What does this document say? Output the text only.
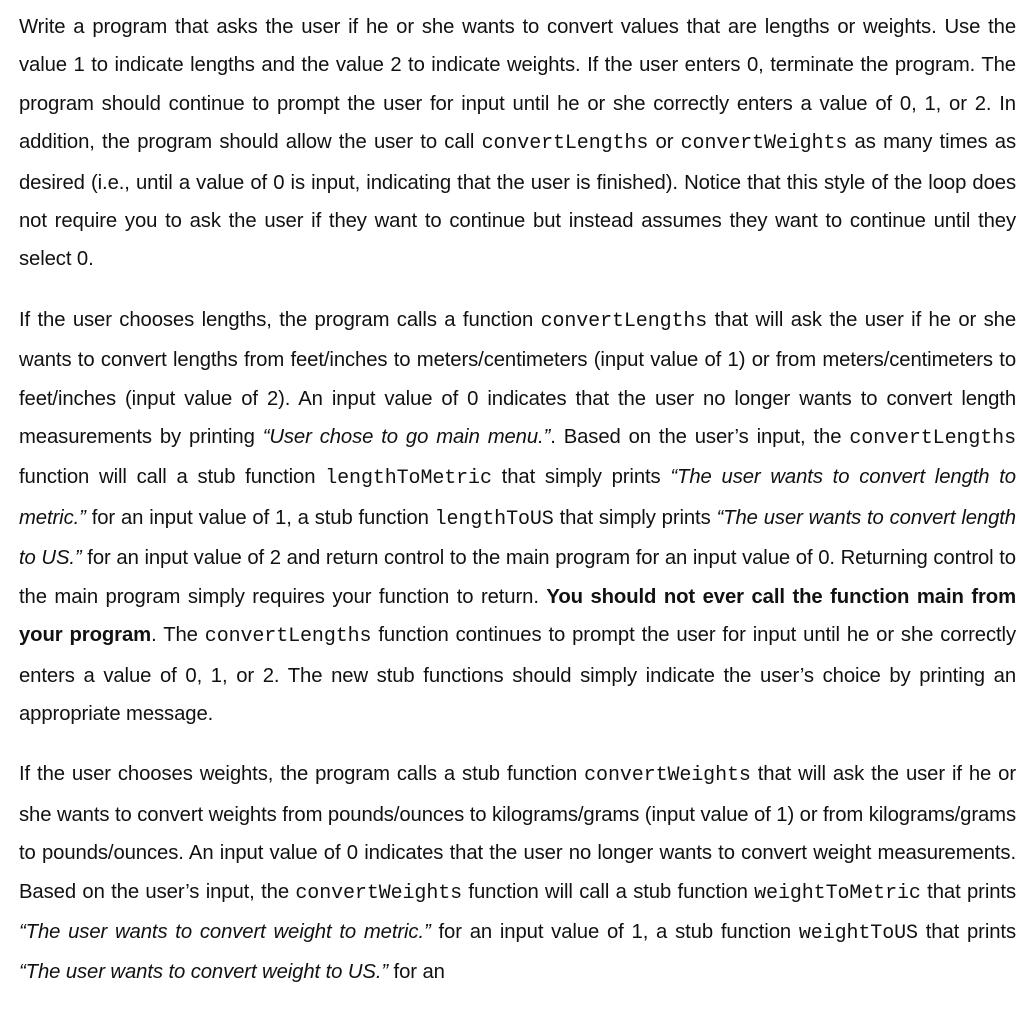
Write a program that asks the user if he or she wants to convert values that are lengths or weights. Use the value 1 to indicate lengths and the value 2 to indicate weights. If the user enters 0, terminate the program. The program should continue to prompt the user for input until he or she correctly enters a value of 0, 1, or 2. In addition, the program should allow the user to call convertLengths or convertWeights as many times as desired (i.e., until a value of 0 is input, indicating that the user is finished). Notice that this style of the loop does not require you to ask the user if they want to continue but instead assumes they want to continue until they select 0.

If the user chooses lengths, the program calls a function convertLengths that will ask the user if he or she wants to convert lengths from feet/inches to meters/centimeters (input value of 1) or from meters/centimeters to feet/inches (input value of 2). An input value of 0 indicates that the user no longer wants to convert length measurements by printing “User chose to go main menu.”. Based on the user’s input, the convertLengths function will call a stub function lengthToMetric that simply prints “The user wants to convert length to metric.” for an input value of 1, a stub function lengthToUS that simply prints “The user wants to convert length to US.” for an input value of 2 and return control to the main program for an input value of 0. Returning control to the main program simply requires your function to return. You should not ever call the function main from your program. The convertLengths function continues to prompt the user for input until he or she correctly enters a value of 0, 1, or 2. The new stub functions should simply indicate the user’s choice by printing an appropriate message.

If the user chooses weights, the program calls a stub function convertWeights that will ask the user if he or she wants to convert weights from pounds/ounces to kilograms/grams (input value of 1) or from kilograms/grams to pounds/ounces. An input value of 0 indicates that the user no longer wants to convert weight measurements. Based on the user’s input, the convertWeights function will call a stub function weightToMetric that prints “The user wants to convert weight to metric.” for an input value of 1, a stub function weightToUS that prints “The user wants to convert weight to US.” for an
